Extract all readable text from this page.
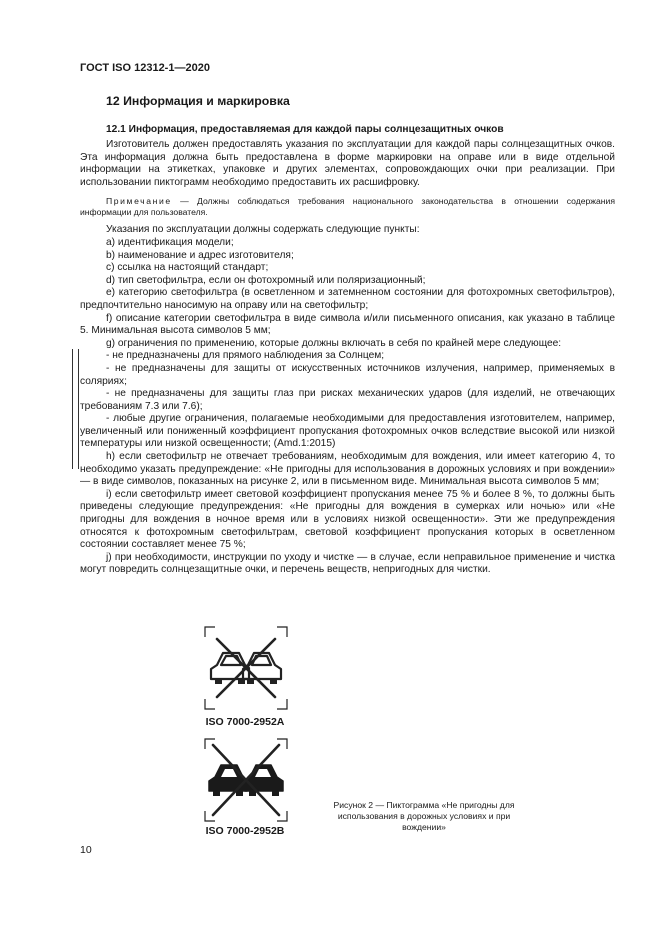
ГОСТ ISO 12312-1—2020
12 Информация и маркировка
12.1 Информация, предоставляемая для каждой пары солнцезащитных очков

Изготовитель должен предоставлять указания по эксплуатации для каждой пары солнцезащитных очков. Эта информация должна быть предоставлена в форме маркировки на оправе или в виде отдельной информации на этикетках, упаковке и других элементах, сопровождающих очки при реализации. При использовании пиктограмм необходимо предоставить их расшифровку.

Примечание — Должны соблюдаться требования национального законодательства в отношении содержания информации для пользователя.

Указания по эксплуатации должны содержать следующие пункты:

a) идентификация модели;

b) наименование и адрес изготовителя;

c) ссылка на настоящий стандарт;

d) тип светофильтра, если он фотохромный или поляризационный;

e) категорию светофильтра (в осветленном и затемненном состоянии для фотохромных светофильтров), предпочтительно наносимую на оправу или на светофильтр;

f) описание категории светофильтра в виде символа и/или письменного описания, как указано в таблице 5. Минимальная высота символов 5 мм;

g) ограничения по применению, которые должны включать в себя по крайней мере следующее:

- не предназначены для прямого наблюдения за Солнцем;

- не предназначены для защиты от искусственных источников излучения, например, применяемых в соляриях;

- не предназначены для защиты глаз при рисках механических ударов (для изделий, не отвечающих требованиям 7.3 или 7.6);

- любые другие ограничения, полагаемые необходимыми для предоставления изготовителем, например, увеличенный или пониженный коэффициент пропускания фотохромных очков вследствие высокой или низкой температуры или низкой освещенности; (Amd.1:2015)

h) если светофильтр не отвечает требованиям, необходимым для вождения, или имеет категорию 4, то необходимо указать предупреждение: «Не пригодны для использования в дорожных условиях и при вождении» — в виде символов, показанных на рисунке 2, или в письменном виде. Минимальная высота символов 5 мм;

i) если светофильтр имеет световой коэффициент пропускания менее 75 % и более 8 %, то должны быть приведены следующие предупреждения: «Не пригодны для вождения в сумерках или ночью» или «Не пригодны для вождения в ночное время или в условиях низкой освещенности». Эти же предупреждения относятся к фотохромным светофильтрам, световой коэффициент пропускания которых в осветленном состоянии составляет менее 75 %;

j) при необходимости, инструкции по уходу и чистке — в случае, если неправильное применение и чистка могут повредить солнцезащитные очки, и перечень веществ, непригодных для чистки.

ISO 7000-2952A
ISO 7000-2952B
Рисунок 2 — Пиктограмма «Не пригодны для использования в дорожных условиях и при вождении»
10
